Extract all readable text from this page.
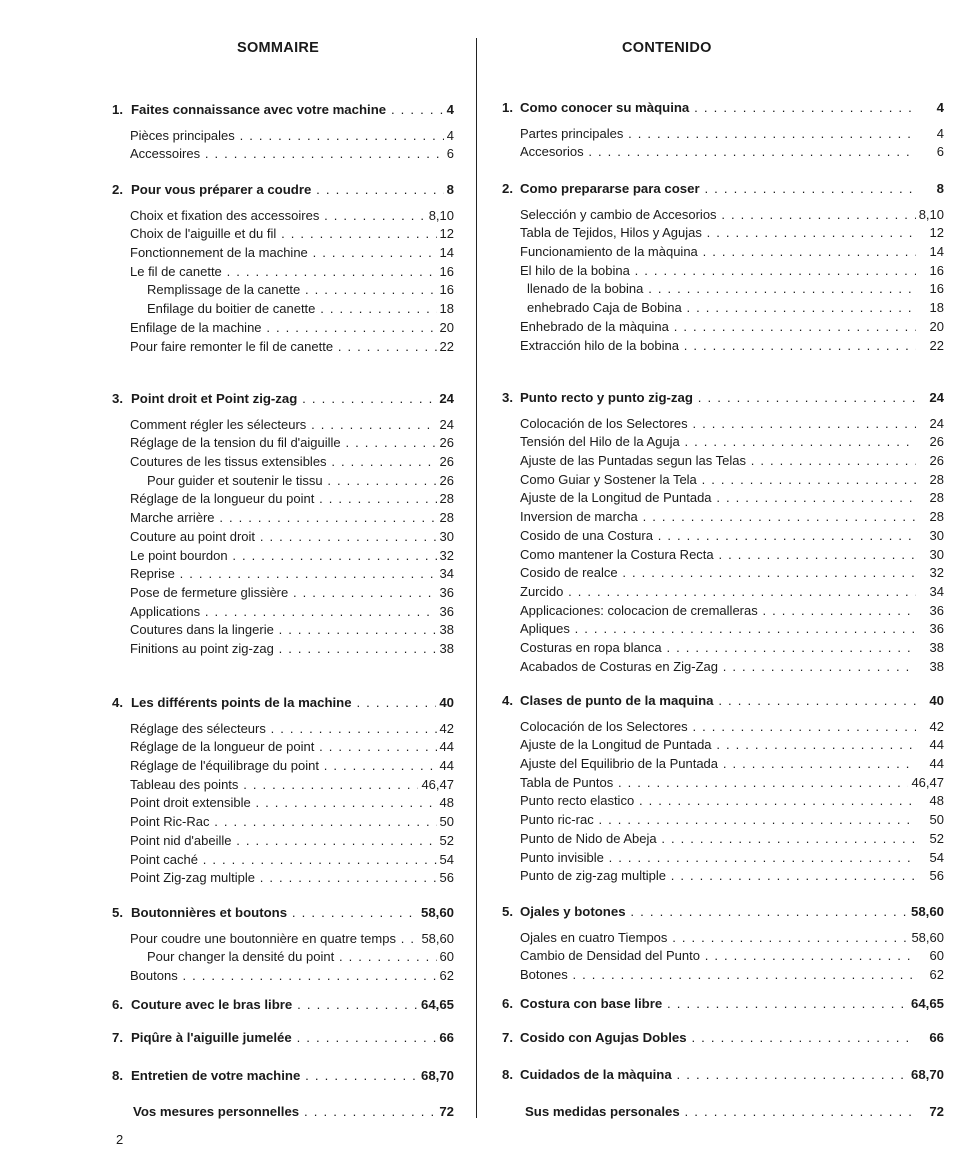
SOMMAIRE
1. Faites connaissance avec votre machine . . .	4
Pièces principales . . .	4
Accessoires . . .	6
2. Pour vous préparer a coudre . . .	8
Choix et fixation des accessoires . . .	8,10
Choix de l'aiguille et du fil . . .	12
Fonctionnement de la machine . . .	14
Le fil de canette . . .	16
Remplissage de la canette . . .	16
Enfilage du boitier de canette . . .	18
Enfilage de la machine . . .	20
Pour faire remonter le fil de canette . . .	22
3. Point droit et Point zig-zag . . .	24
Comment régler les sélecteurs . . .	24
Réglage de la tension du fil d'aiguille . . .	26
Coutures de les tissus extensibles . . .	26
Pour guider et soutenir le tissu . . .	26
Réglage de la longueur du point . . .	28
Marche arrière . . .	28
Couture au point droit . . .	30
Le point bourdon . . .	32
Reprise . . .	34
Pose de fermeture glissière . . .	36
Applications . . .	36
Coutures dans la lingerie . . .	38
Finitions au point zig-zag . . .	38
4. Les différents points de la machine . . .	40
Réglage des sélecteurs . . .	42
Réglage de la longueur de point . . .	44
Réglage de l'équilibrage du point . . .	44
Tableau des points . . .	46,47
Point droit extensible . . .	48
Point Ric-Rac . . .	50
Point nid d'abeille . . .	52
Point caché . . .	54
Point Zig-zag multiple . . .	56
5. Boutonnières et boutons . . .	58,60
Pour coudre une boutonnière en quatre temps . . .	58,60
Pour changer la densité du point . . .	60
Boutons . . .	62
6. Couture avec le bras libre . . .	64,65
7. Piqûre à l'aiguille jumelée . . .	66
8. Entretien de votre machine . . .	68,70
Vos mesures personnelles . . .	72
CONTENIDO
1. Como conocer su màquina . . .	4
Partes principales . . .	4
Accesorios . . .	6
2. Como prepararse para coser . . .	8
Selección y cambio de Accesorios . . .	8,10
Tabla de Tejidos, Hilos y Agujas . . .	12
Funcionamiento de la màquina . . .	14
El hilo de la bobina . . .	16
llenado de la bobina . . .	16
enhebrado Caja de Bobina . . .	18
Enhebrado de la màquina . . .	20
Extracción hilo de la bobina . . .	22
3. Punto recto y punto zig-zag . . .	24
Colocación de los Selectores . . .	24
Tensión del Hilo de la Aguja . . .	26
Ajuste de las Puntadas segun las Telas . . .	26
Como Guiar y Sostener la Tela . . .	28
Ajuste de la Longitud de Puntada . . .	28
Inversion de marcha . . .	28
Cosido de una Costura . . .	30
Como mantener la Costura Recta . . .	30
Cosido de realce . . .	32
Zurcido . . .	34
Applicaciones: colocacion de cremalleras . . .	36
Apliques . . .	36
Costuras en ropa blanca . . .	38
Acabados de Costuras en Zig-Zag . . .	38
4. Clases de punto de la maquina . . .	40
Colocación de los Selectores . . .	42
Ajuste de la Longitud de Puntada . . .	44
Ajuste del Equilibrio de la Puntada . . .	44
Tabla de Puntos . . .	46,47
Punto recto elastico . . .	48
Punto ric-rac . . .	50
Punto de Nido de Abeja . . .	52
Punto invisible . . .	54
Punto de zig-zag multiple . . .	56
5. Ojales y botones . . .	58,60
Ojales en cuatro Tiempos . . .	58,60
Cambio de Densidad del Punto . . .	60
Botones . . .	62
6. Costura con base libre . . .	64,65
7. Cosido con Agujas Dobles . . .	66
8. Cuidados de la màquina . . .	68,70
Sus medidas personales . . .	72
2
